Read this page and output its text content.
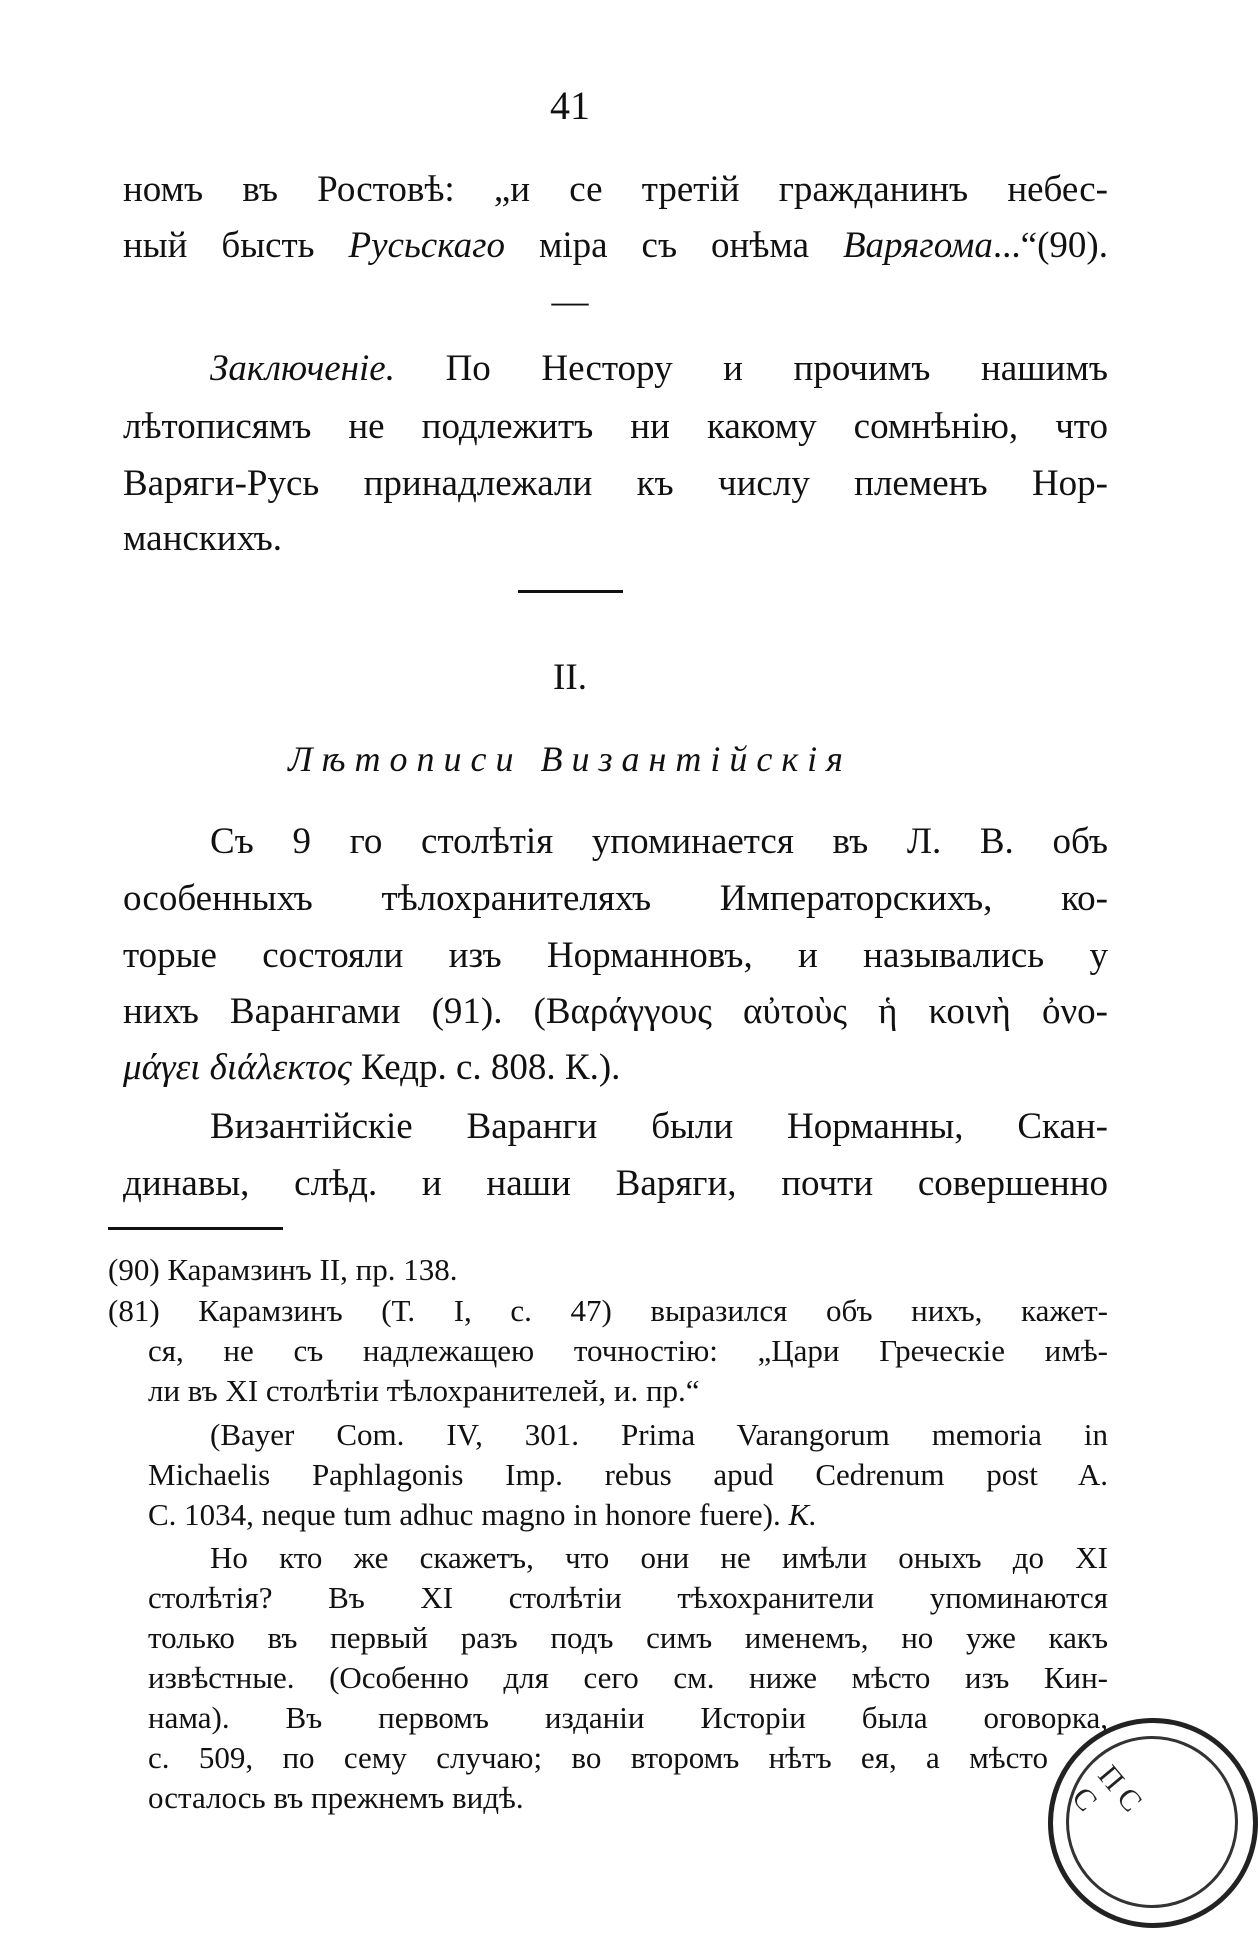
41
номъ въ Ростовѣ: „и се третій гражданинъ небес-
ный бысть Русьскаго міра съ онѣма Варягома...“(90).
—
Заключеніе. По Нестору и прочимъ нашимъ
лѣтописямъ не подлежитъ ни какому сомнѣнію, что
Варяги-Русь принадлежали къ числу племенъ Нор-
манскихъ.
II.
Лѣтописи Византійскія
Съ 9 го столѣтія упоминается въ Л. В. объ
особенныхъ тѣлохранителяхъ Императорскихъ, ко-
торые состояли изъ Норманновъ, и назывались у
нихъ Варангами (91). (Βαράγγους αὐτοὺς ἡ κοινὴ ὀνο-
μάγει διάλεκτος Кедр. с. 808. К.).
Византійскіе Варанги были Норманны, Скан-
динавы, слѣд. и наши Варяги, почти совершенно
(90) Карамзинъ II, пр. 138.
(81) Карамзинъ (Т. I, с. 47) выразился объ нихъ, кажет-
ся, не съ надлежащею точностію: „Цари Греческіе имѣ-
ли въ XI столѣтіи тѣлохранителей, и. пр.“
(Bayer Com. IV, 301. Prima Varangorum memoria in
Michaelis Paphlagonis Imp. rebus apud Cedrenum post A.
C. 1034, neque tum adhuc magno in honore fuere). К.
Но кто же скажетъ, что они не имѣли оныхъ до XI
столѣтія? Въ XI столѣтіи тѣхохранители упоминаются
только въ первый разъ подъ симъ именемъ, но уже какъ
извѣстные. (Особенно для сего см. ниже мѣсто изъ Кин-
нама). Въ первомъ изданіи Исторіи была оговорка,
с. 509, по сему случаю; во второмъ нѣтъ ея, а мѣсто
осталось въ прежнемъ видѣ.	П С С
